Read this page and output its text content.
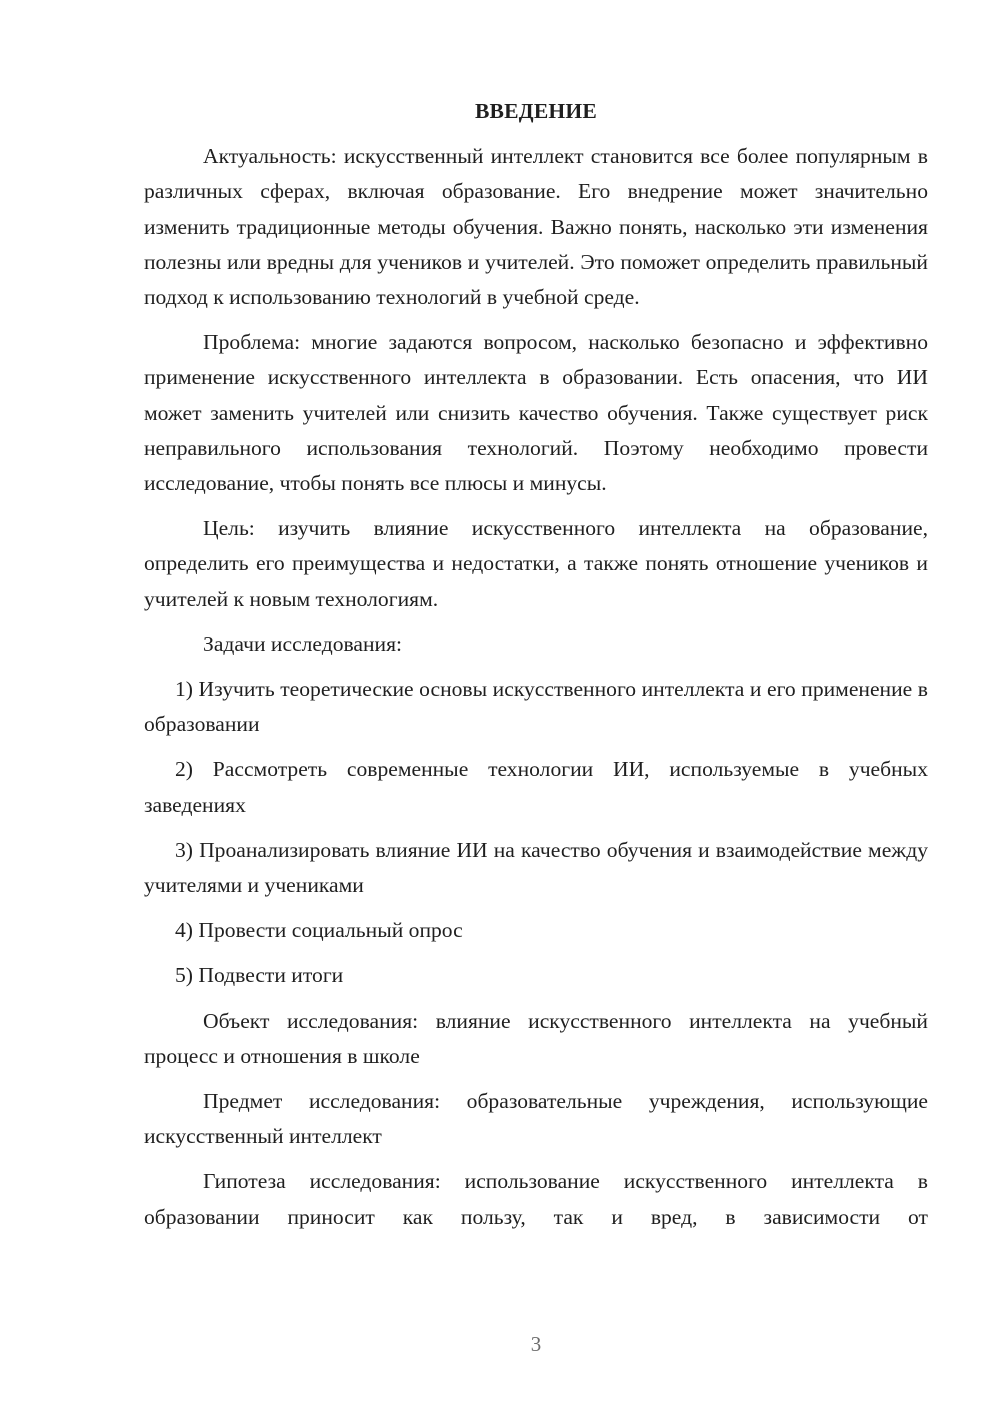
ВВЕДЕНИЕ

Актуальность: искусственный интеллект становится все более популярным в различных сферах, включая образование. Его внедрение может значительно изменить традиционные методы обучения. Важно понять, насколько эти изменения полезны или вредны для учеников и учителей. Это поможет определить правильный подход к использованию технологий в учебной среде.

Проблема: многие задаются вопросом, насколько безопасно и эффективно применение искусственного интеллекта в образовании. Есть опасения, что ИИ может заменить учителей или снизить качество обучения. Также существует риск неправильного использования технологий. Поэтому необходимо провести исследование, чтобы понять все плюсы и минусы.

Цель: изучить влияние искусственного интеллекта на образование, определить его преимущества и недостатки, а также понять отношение учеников и учителей к новым технологиям.

Задачи исследования:

1) Изучить теоретические основы искусственного интеллекта и его применение в образовании

2) Рассмотреть современные технологии ИИ, используемые в учебных заведениях

3) Проанализировать влияние ИИ на качество обучения и взаимодействие между учителями и учениками

4) Провести социальный опрос

5) Подвести итоги

Объект исследования: влияние искусственного интеллекта на учебный процесс и отношения в школе

Предмет исследования: образовательные учреждения, использующие искусственный интеллект

Гипотеза исследования: использование искусственного интеллекта в образовании приносит как пользу, так и вред, в зависимости от

3
